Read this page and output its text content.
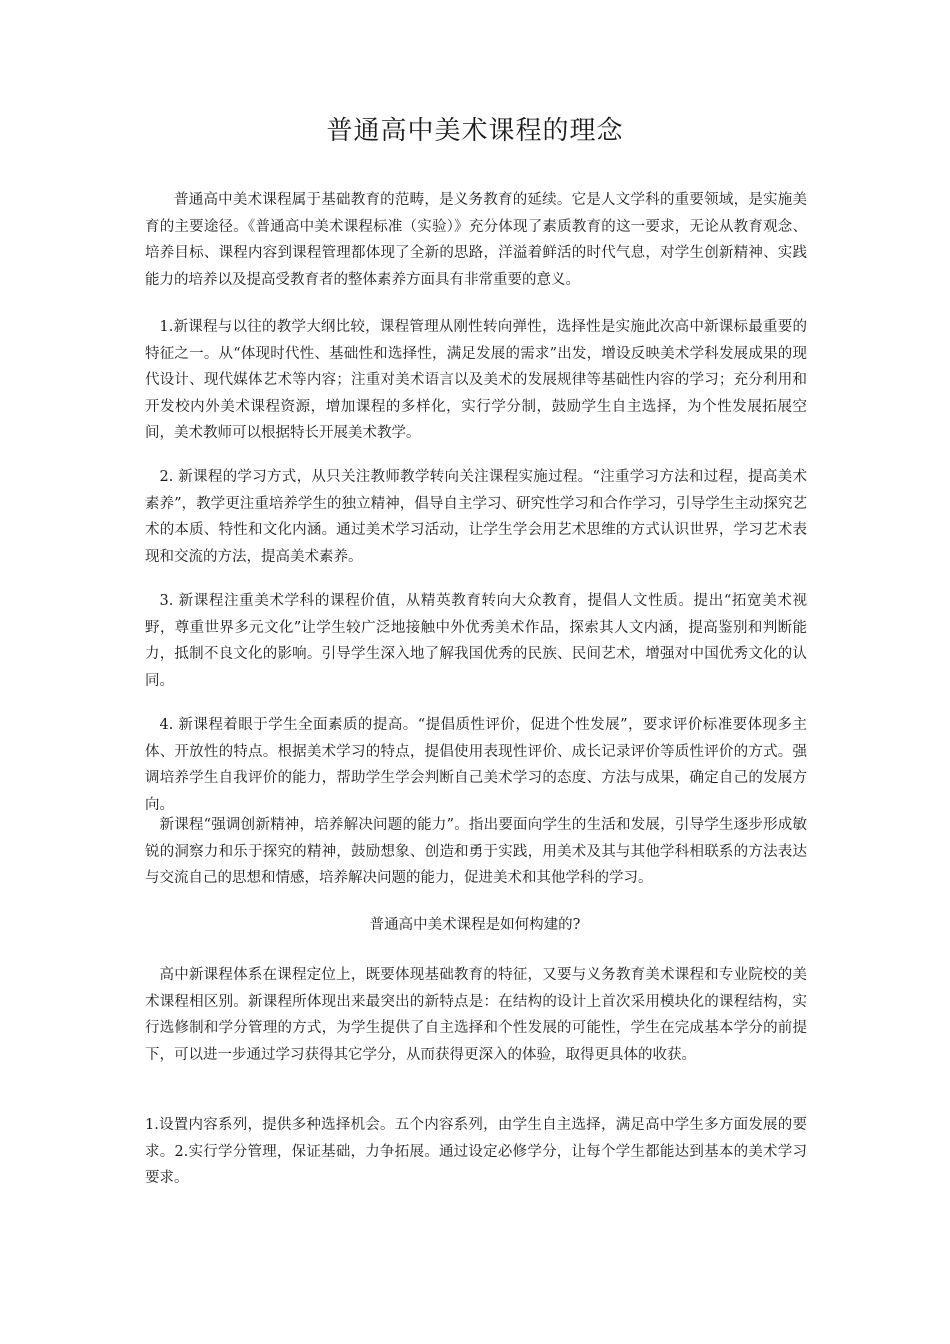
普通高中美术课程的理念

普通高中美术课程属于基础教育的范畴，是义务教育的延续。它是人文学科的重要领域，是实施美育的主要途径。《普通高中美术课程标准（实验）》充分体现了素质教育的这一要求，无论从教育观念、培养目标、课程内容到课程管理都体现了全新的思路，洋溢着鲜活的时代气息，对学生创新精神、实践能力的培养以及提高受教育者的整体素养方面具有非常重要的意义。

1.新课程与以往的教学大纲比较，课程管理从刚性转向弹性，选择性是实施此次高中新课标最重要的特征之一。从“体现时代性、基础性和选择性，满足发展的需求”出发，增设反映美术学科发展成果的现代设计、现代媒体艺术等内容；注重对美术语言以及美术的发展规律等基础性内容的学习；充分利用和开发校内外美术课程资源，增加课程的多样化，实行学分制，鼓励学生自主选择，为个性发展拓展空间，美术教师可以根据特长开展美术教学。

2. 新课程的学习方式，从只关注教师教学转向关注课程实施过程。“注重学习方法和过程，提高美术素养”，教学更注重培养学生的独立精神，倡导自主学习、研究性学习和合作学习，引导学生主动探究艺术的本质、特性和文化内涵。通过美术学习活动，让学生学会用艺术思维的方式认识世界，学习艺术表现和交流的方法，提高美术素养。

3. 新课程注重美术学科的课程价值，从精英教育转向大众教育，提倡人文性质。提出“拓宽美术视野，尊重世界多元文化”让学生较广泛地接触中外优秀美术作品，探索其人文内涵，提高鉴别和判断能力，抵制不良文化的影响。引导学生深入地了解我国优秀的民族、民间艺术，增强对中国优秀文化的认同。

4. 新课程着眼于学生全面素质的提高。“提倡质性评价，促进个性发展”，要求评价标准要体现多主体、开放性的特点。根据美术学习的特点，提倡使用表现性评价、成长记录评价等质性评价的方式。强调培养学生自我评价的能力，帮助学生学会判断自己美术学习的态度、方法与成果，确定自己的发展方向。

新课程“强调创新精神，培养解决问题的能力”。指出要面向学生的生活和发展，引导学生逐步形成敏锐的洞察力和乐于探究的精神，鼓励想象、创造和勇于实践，用美术及其与其他学科相联系的方法表达与交流自己的思想和情感，培养解决问题的能力，促进美术和其他学科的学习。

普通高中美术课程是如何构建的?

高中新课程体系在课程定位上，既要体现基础教育的特征，又要与义务教育美术课程和专业院校的美术课程相区别。新课程所体现出来最突出的新特点是：在结构的设计上首次采用模块化的课程结构，实行选修制和学分管理的方式，为学生提供了自主选择和个性发展的可能性，学生在完成基本学分的前提下，可以进一步通过学习获得其它学分，从而获得更深入的体验，取得更具体的收获。

1.设置内容系列，提供多种选择机会。五个内容系列，由学生自主选择，满足高中学生多方面发展的要求。2.实行学分管理，保证基础，力争拓展。通过设定必修学分，让每个学生都能达到基本的美术学习要求。
